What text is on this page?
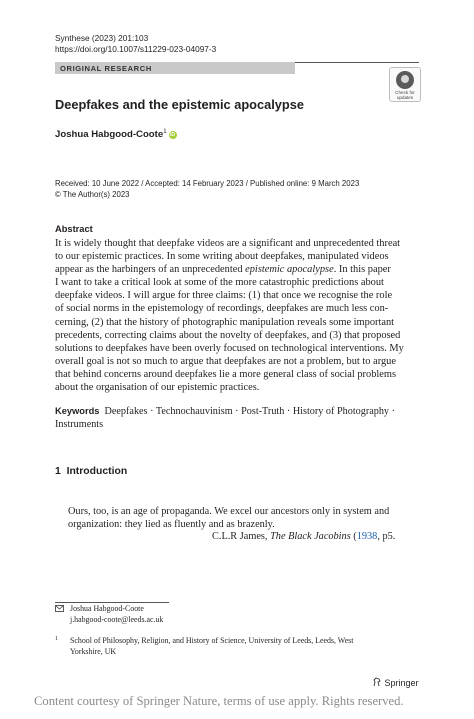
Synthese (2023) 201:103
https://doi.org/10.1007/s11229-023-04097-3
ORIGINAL RESEARCH
Check for updates
Deepfakes and the epistemic apocalypse
Joshua Habgood-Coote$^1$iD
Received: 10 June 2022 / Accepted: 14 February 2023 / Published online: 9 March 2023
© The Author(s) 2023
Abstract
It is widely thought that deepfake videos are a significant and unprecedented threat
to our epistemic practices. In some writing about deepfakes, manipulated videos
appear as the harbingers of an unprecedented epistemic apocalypse. In this paper
I want to take a critical look at some of the more catastrophic predictions about
deepfake videos. I will argue for three claims: (1) that once we recognise the role
of social norms in the epistemology of recordings, deepfakes are much less con-
cerning, (2) that the history of photographic manipulation reveals some important
precedents, correcting claims about the novelty of deepfakes, and (3) that proposed
solutions to deepfakes have been overly focused on technological interventions. My
overall goal is not so much to argue that deepfakes are not a problem, but to argue
that behind concerns around deepfakes lie a more general class of social problems
about the organisation of our epistemic practices.
Keywords Deepfakes · Technochauvinism · Post-Truth · History of Photography · Instruments
1 Introduction
Ours, too, is an age of propaganda. We excel our ancestors only in system and
organization: they lied as fluently and as brazenly.
C.L.R James, The Black Jacobins (1938, p5.
Joshua Habgood-Coote
j.habgood-coote@leeds.ac.uk
1 School of Philosophy, Religion, and History of Science, University of Leeds, Leeds, West
Yorkshire, UK
Springer
Content courtesy of Springer Nature, terms of use apply. Rights reserved.
